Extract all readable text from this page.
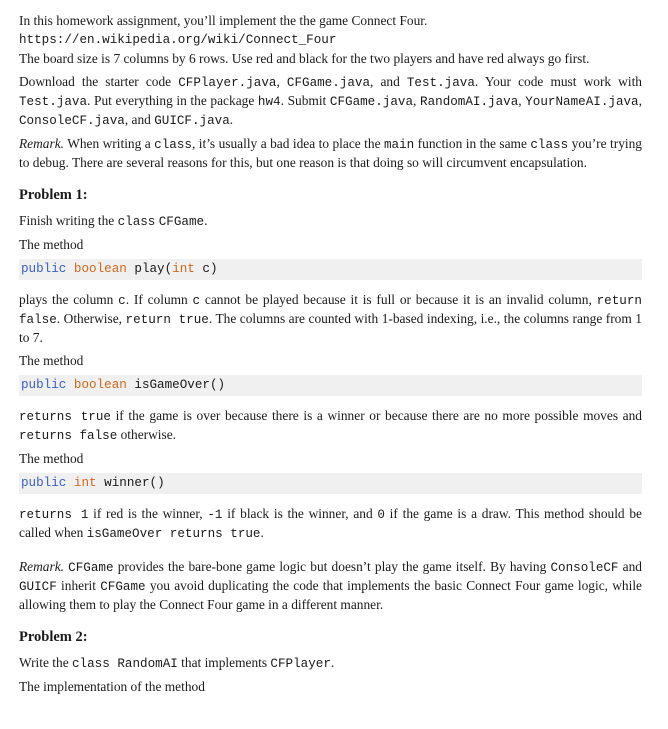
In this homework assignment, you’ll implement the the game Connect Four.

https://en.wikipedia.org/wiki/Connect_Four

The board size is 7 columns by 6 rows. Use red and black for the two players and have red always go first.

Download the starter code CFPlayer.java, CFGame.java, and Test.java. Your code must work with Test.java. Put everything in the package hw4. Submit CFGame.java, RandomAI.java, YourNameAI.java, ConsoleCF.java, and GUICF.java.

Remark. When writing a class, it’s usually a bad idea to place the main function in the same class you’re trying to debug. There are several reasons for this, but one reason is that doing so will circumvent encapsulation.

Problem 1:

Finish writing the class CFGame.

The method

public boolean play(int c)

plays the column c. If column c cannot be played because it is full or because it is an invalid column, return false. Otherwise, return true. The columns are counted with 1-based indexing, i.e., the columns range from 1 to 7.

The method

public boolean isGameOver()

returns true if the game is over because there is a winner or because there are no more possible moves and returns false otherwise.

The method

public int winner()

returns 1 if red is the winner, -1 if black is the winner, and 0 if the game is a draw. This method should be called when isGameOver returns true.

Remark. CFGame provides the bare-bone game logic but doesn’t play the game itself. By having ConsoleCF and GUICF inherit CFGame you avoid duplicating the code that implements the basic Connect Four game logic, while allowing them to play the Connect Four game in a different manner.

Problem 2:

Write the class RandomAI that implements CFPlayer.

The implementation of the method
